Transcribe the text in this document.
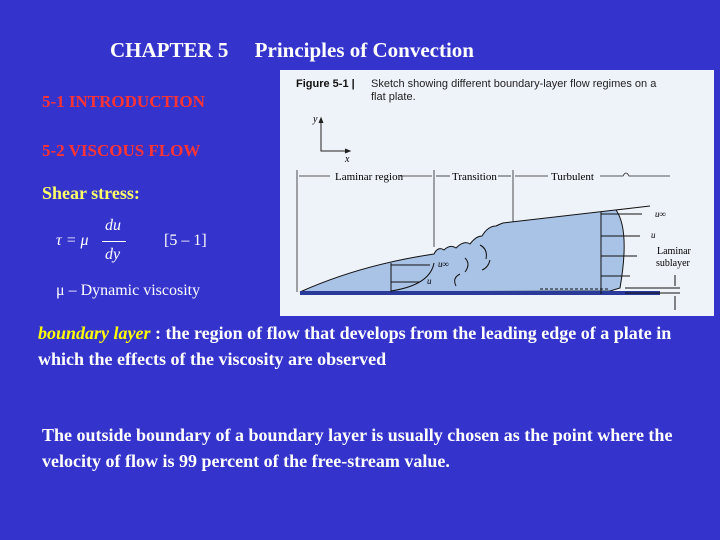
CHAPTER 5     Principles of Convection
5-1 INTRODUCTION
5-2 VISCOUS FLOW
Shear stress:
τ = μ
du
dy
[5 – 1]
μ – Dynamic viscosity
Figure 5-1 | Sketch showing different boundary-layer flow regimes on a
flat plate.
y
x
Laminar region	Transition	Turbulent
u∞
u
u∞
u
Laminar
sublayer
boundary layer : the region of flow that develops from the leading edge of a plate in which the effects of the viscosity are observed
The outside boundary of a boundary layer is usually chosen as the point where the velocity of flow is 99 percent of the free-stream value.
